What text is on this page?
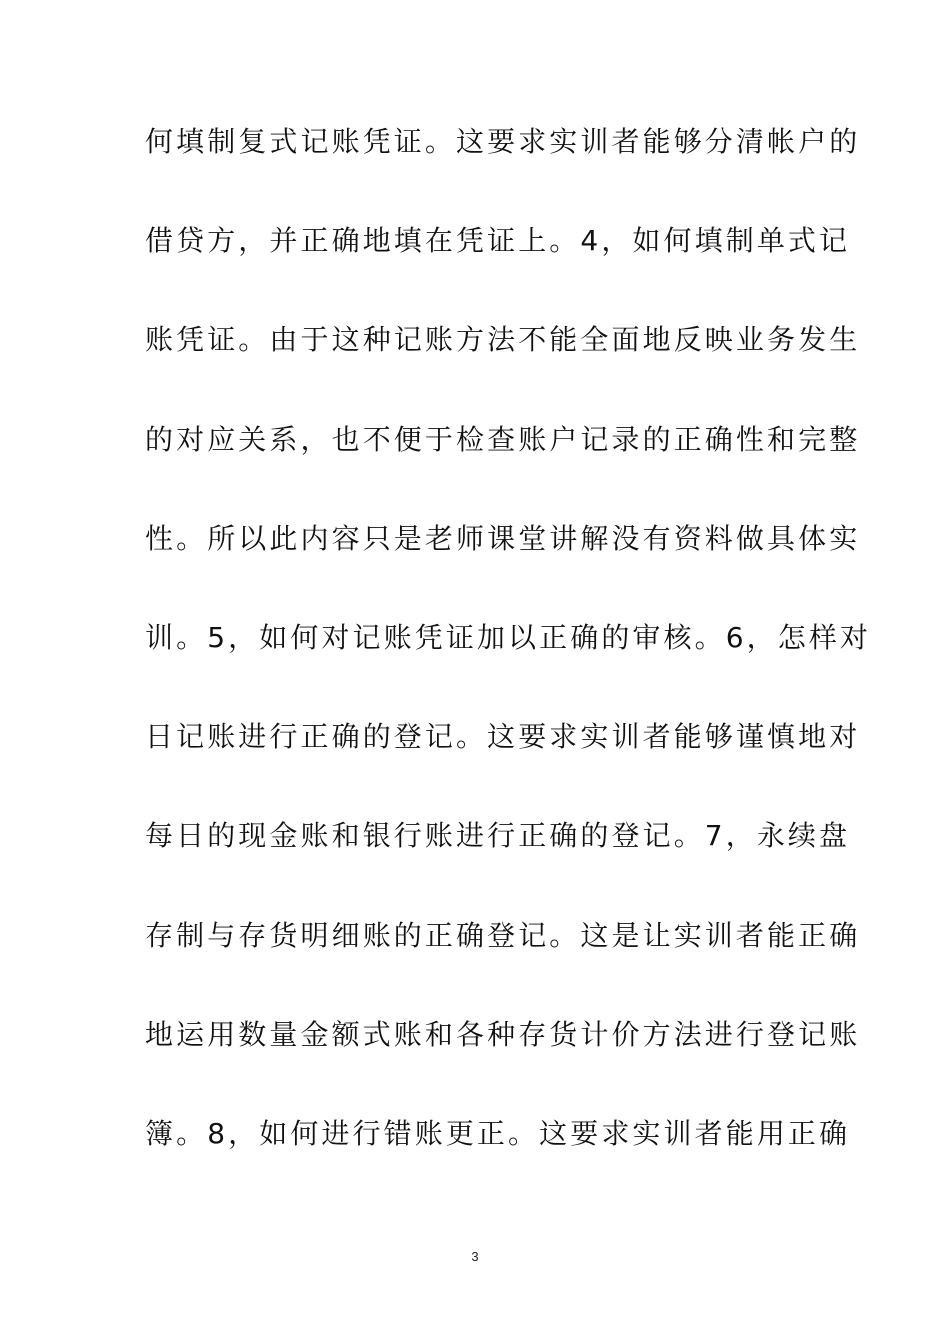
何填制复式记账凭证。这要求实训者能够分清帐户的
借贷方，并正确地填在凭证上。4，如何填制单式记
账凭证。由于这种记账方法不能全面地反映业务发生
的对应关系，也不便于检查账户记录的正确性和完整
性。所以此内容只是老师课堂讲解没有资料做具体实
训。5，如何对记账凭证加以正确的审核。6，怎样对
日记账进行正确的登记。这要求实训者能够谨慎地对
每日的现金账和银行账进行正确的登记。7，永续盘
存制与存货明细账的正确登记。这是让实训者能正确
地运用数量金额式账和各种存货计价方法进行登记账
簿。8，如何进行错账更正。这要求实训者能用正确
3
